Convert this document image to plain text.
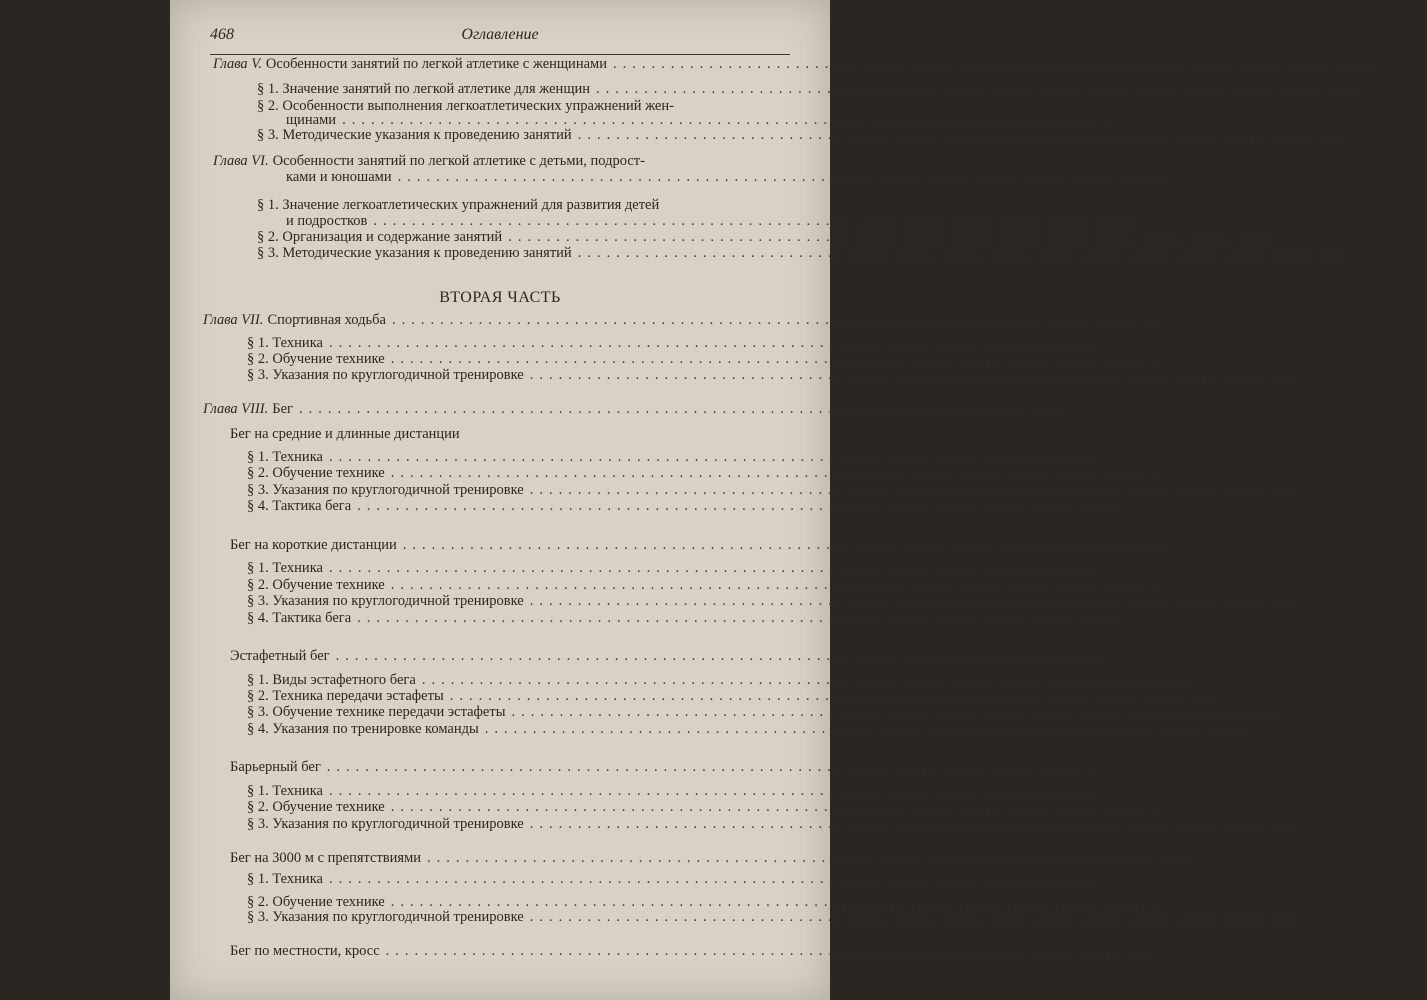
468	Оглавление
ВТОРАЯ ЧАСТЬ
Глава V. Особенности занятий по легкой атлетике с женщинами ................................................................................	141
§ 1. Значение занятий по легкой атлетике для женщин ................................................................................	—
§ 2. Особенности выполнения легкоатлетических упражнений жен-
щинами ................................................................................	143
§ 3. Методические указания к проведению занятий ................................................................................	147
Глава VI. Особенности занятий по легкой атлетике с детьми, подрост-
ками и юношами ................................................................................	151
§ 1. Значение легкоатлетических упражнений для развития детей
и подростков ................................................................................	—
§ 2. Организация и содержание занятий ................................................................................	154
§ 3. Методические указания к проведению занятий ................................................................................	157
Глава VII. Спортивная ходьба ................................................................................	176
§ 1. Техника ................................................................................	—
§ 2. Обучение технике ................................................................................	179
§ 3. Указания по круглогодичной тренировке ................................................................................	182
Глава VIII. Бег ................................................................................	196
Бег на средние и длинные дистанции
§ 1. Техника ................................................................................	—
§ 2. Обучение технике ................................................................................	203
§ 3. Указания по круглогодичной тренировке ................................................................................	204
§ 4. Тактика бега ................................................................................	221
Бег на короткие дистанции ................................................................................	226
§ 1. Техника ................................................................................	—
§ 2. Обучение технике ................................................................................	234
§ 3. Указания по круглогодичной тренировке ................................................................................	237
§ 4. Тактика бега ................................................................................	245
Эстафетный бег ................................................................................	245
§ 1. Виды эстафетного бега ................................................................................	—
§ 2. Техника передачи эстафеты ................................................................................	246
§ 3. Обучение технике передачи эстафеты ................................................................................	248
§ 4. Указания по тренировке команды ................................................................................	249
Барьерный бег ................................................................................	250
§ 1. Техника ................................................................................	—
§ 2. Обучение технике ................................................................................	264
§ 3. Указания по круглогодичной тренировке ................................................................................	270
Бег на 3000 м с препятствиями ................................................................................	279
§ 1. Техника ................................................................................	—
§ 2. Обучение технике ................................................................................	287
§ 3. Указания по круглогодичной тренировке ................................................................................	288
Бег по местности, кросс ................................................................................	291
